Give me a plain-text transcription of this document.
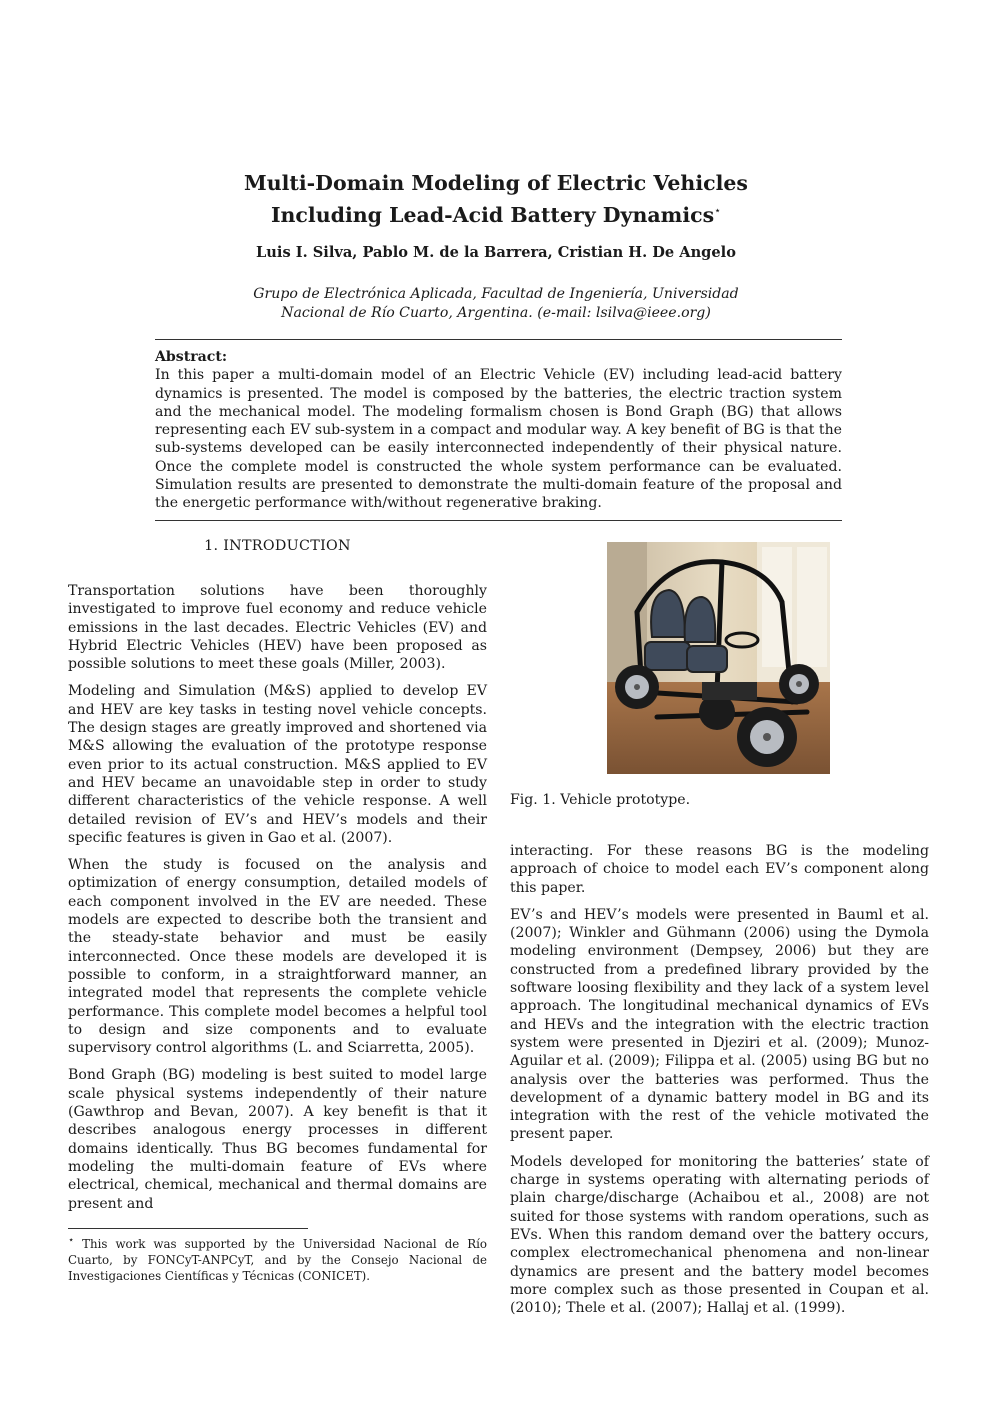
Multi-Domain Modeling of Electric Vehicles
Including Lead-Acid Battery Dynamics⋆
Luis I. Silva, Pablo M. de la Barrera, Cristian H. De Angelo
Grupo de Electrónica Aplicada, Facultad de Ingeniería, Universidad
Nacional de Río Cuarto, Argentina. (e-mail: lsilva@ieee.org)
Abstract:
In this paper a multi-domain model of an Electric Vehicle (EV) including lead-acid battery dynamics is presented. The model is composed by the batteries, the electric traction system and the mechanical model. The modeling formalism chosen is Bond Graph (BG) that allows representing each EV sub-system in a compact and modular way. A key benefit of BG is that the sub-systems developed can be easily interconnected independently of their physical nature. Once the complete model is constructed the whole system performance can be evaluated. Simulation results are presented to demonstrate the multi-domain feature of the proposal and the energetic performance with/without regenerative braking.
1. INTRODUCTION

Transportation solutions have been thoroughly investigated to improve fuel economy and reduce vehicle emissions in the last decades. Electric Vehicles (EV) and Hybrid Electric Vehicles (HEV) have been proposed as possible solutions to meet these goals (Miller, 2003).

Modeling and Simulation (M&S) applied to develop EV and HEV are key tasks in testing novel vehicle concepts. The design stages are greatly improved and shortened via M&S allowing the evaluation of the prototype response even prior to its actual construction. M&S applied to EV and HEV became an unavoidable step in order to study different characteristics of the vehicle response. A well detailed revision of EV’s and HEV’s models and their specific features is given in Gao et al. (2007).

When the study is focused on the analysis and optimization of energy consumption, detailed models of each component involved in the EV are needed. These models are expected to describe both the transient and the steady-state behavior and must be easily interconnected. Once these models are developed it is possible to conform, in a straightforward manner, an integrated model that represents the complete vehicle performance. This complete model becomes a helpful tool to design and size components and to evaluate supervisory control algorithms (L. and Sciarretta, 2005).

Bond Graph (BG) modeling is best suited to model large scale physical systems independently of their nature (Gawthrop and Bevan, 2007). A key benefit is that it describes analogous energy processes in different domains identically. Thus BG becomes fundamental for modeling the multi-domain feature of EVs where electrical, chemical, mechanical and thermal domains are present and

⋆ This work was supported by the Universidad Nacional de Río Cuarto, by FONCyT-ANPCyT, and by the Consejo Nacional de Investigaciones Científicas y Técnicas (CONICET).
Fig. 1. Vehicle prototype.

interacting. For these reasons BG is the modeling approach of choice to model each EV’s component along this paper.

EV’s and HEV’s models were presented in Bauml et al. (2007); Winkler and Gühmann (2006) using the Dymola modeling environment (Dempsey, 2006) but they are constructed from a predefined library provided by the software loosing flexibility and they lack of a system level approach. The longitudinal mechanical dynamics of EVs and HEVs and the integration with the electric traction system were presented in Djeziri et al. (2009); Munoz-Aguilar et al. (2009); Filippa et al. (2005) using BG but no analysis over the batteries was performed. Thus the development of a dynamic battery model in BG and its integration with the rest of the vehicle motivated the present paper.

Models developed for monitoring the batteries’ state of charge in systems operating with alternating periods of plain charge/discharge (Achaibou et al., 2008) are not suited for those systems with random operations, such as EVs. When this random demand over the battery occurs, complex electromechanical phenomena and non-linear dynamics are present and the battery model becomes more complex such as those presented in Coupan et al. (2010); Thele et al. (2007); Hallaj et al. (1999).
